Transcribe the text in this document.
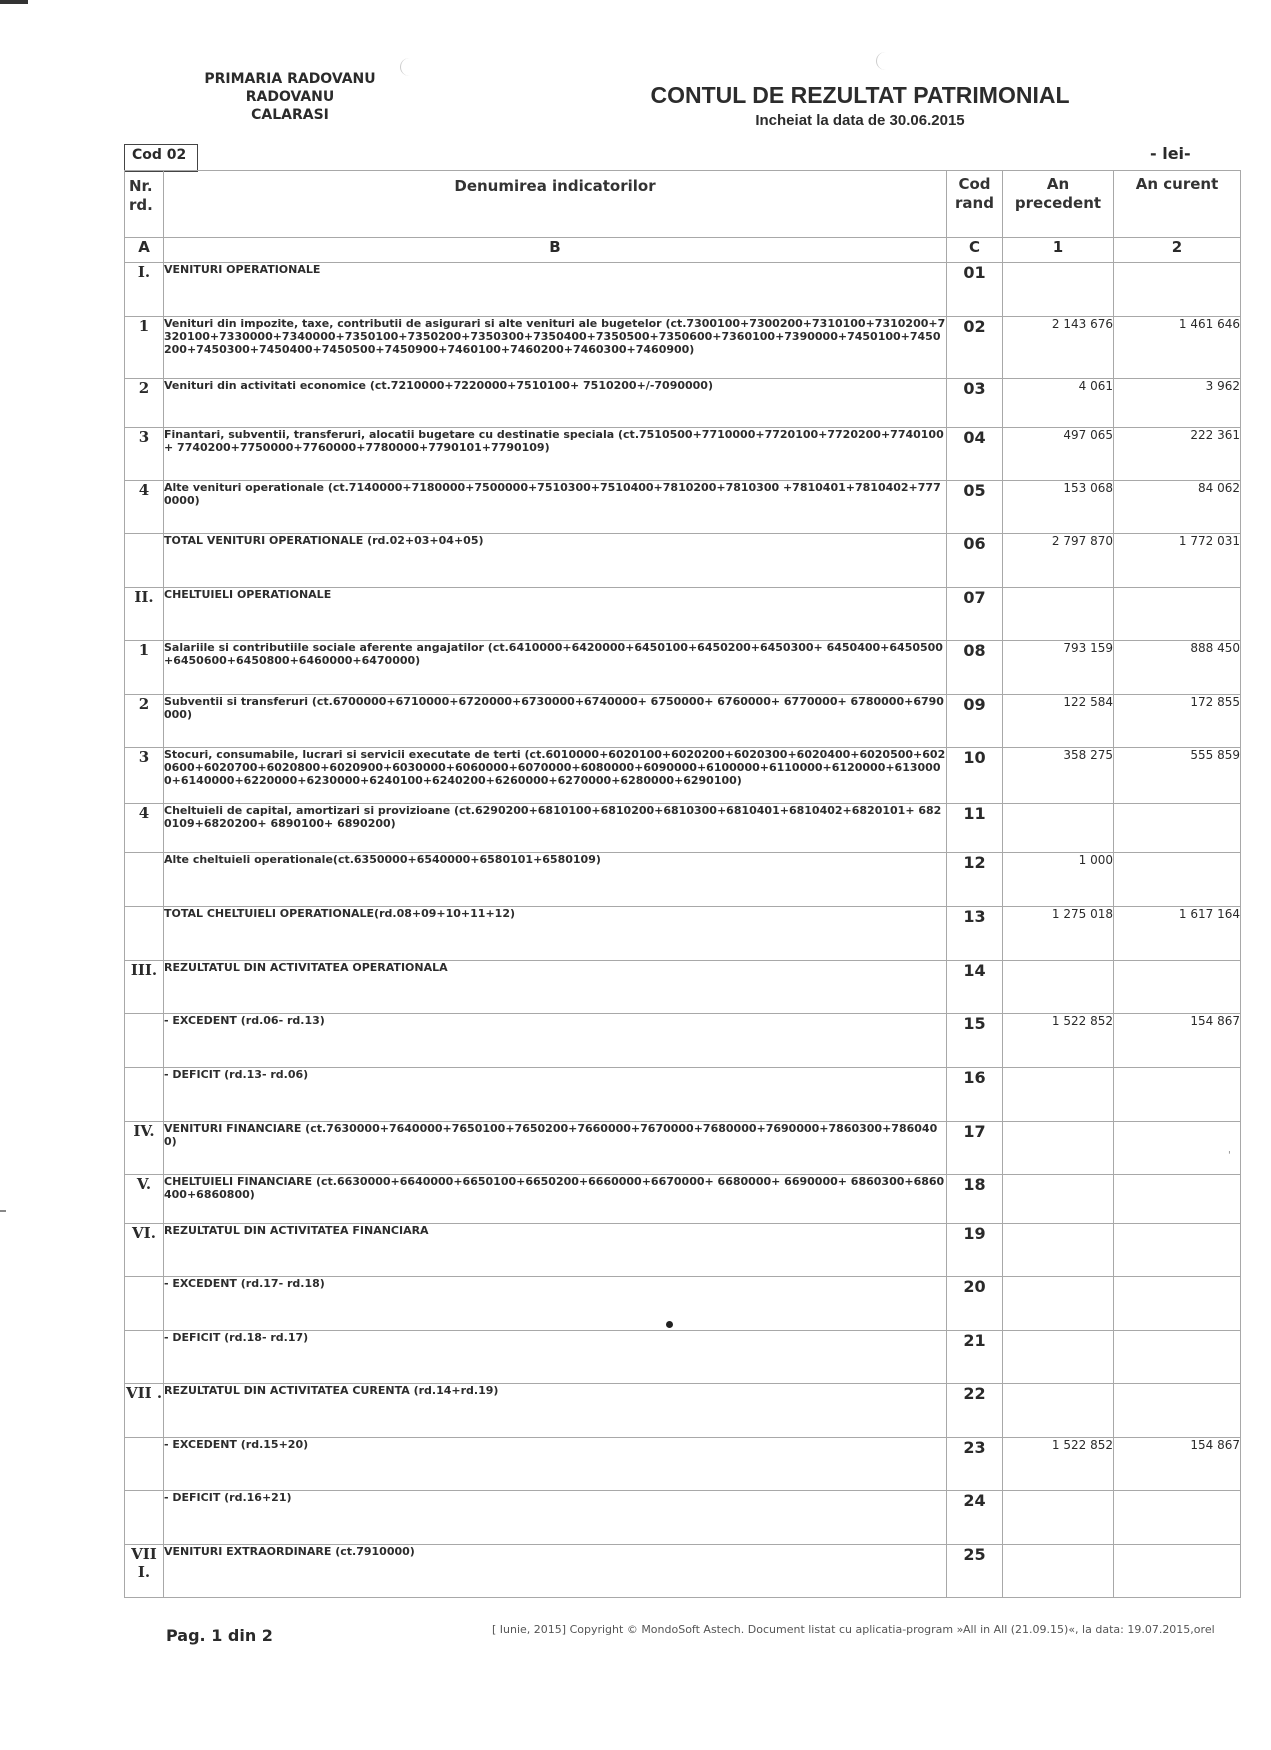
PRIMARIA RADOVANU
RADOVANU
CALARASI
CONTUL DE REZULTAT PATRIMONIAL
Incheiat la data de 30.06.2015
Cod 02	- lei-
Nr. rd.	Denumirea indicatorilor	Cod rand	An precedent	An curent
A	B	C	1	2
I.	VENITURI OPERATIONALE	01		
1	Venituri din impozite, taxe, contributii de asigurari si alte venituri ale bugetelor (ct.7300100+7300200+7310100+7310200+7320100+7330000+7340000+7350100+7350200+7350300+7350400+7350500+7350600+7360100+7390000+7450100+7450200+7450300+7450400+7450500+7450900+7460100+7460200+7460300+7460900)	02	2 143 676	1 461 646
2	Venituri din activitati economice (ct.7210000+7220000+7510100+ 7510200+/-7090000)	03	4 061	3 962
3	Finantari, subventii, transferuri, alocatii bugetare cu destinatie speciala (ct.7510500+7710000+7720100+7720200+7740100+ 7740200+7750000+7760000+7780000+7790101+7790109)	04	497 065	222 361
4	Alte venituri operationale (ct.7140000+7180000+7500000+7510300+7510400+7810200+7810300 +7810401+7810402+7770000)	05	153 068	84 062
	TOTAL VENITURI OPERATIONALE (rd.02+03+04+05)	06	2 797 870	1 772 031
II.	CHELTUIELI OPERATIONALE	07		
1	Salariile si contributiile sociale aferente angajatilor (ct.6410000+6420000+6450100+6450200+6450300+ 6450400+6450500+6450600+6450800+6460000+6470000)	08	793 159	888 450
2	Subventii si transferuri (ct.6700000+6710000+6720000+6730000+6740000+ 6750000+ 6760000+ 6770000+ 6780000+6790000)	09	122 584	172 855
3	Stocuri, consumabile, lucrari si servicii executate de terti (ct.6010000+6020100+6020200+6020300+6020400+6020500+6020600+6020700+6020800+6020900+6030000+6060000+6070000+6080000+6090000+6100000+6110000+6120000+6130000+6140000+6220000+6230000+6240100+6240200+6260000+6270000+6280000+6290100)	10	358 275	555 859
4	Cheltuieli de capital, amortizari si provizioane (ct.6290200+6810100+6810200+6810300+6810401+6810402+6820101+ 6820109+6820200+ 6890100+ 6890200)	11		
	Alte cheltuieli operationale(ct.6350000+6540000+6580101+6580109)	12	1 000	
	TOTAL CHELTUIELI OPERATIONALE(rd.08+09+10+11+12)	13	1 275 018	1 617 164
III.	REZULTATUL DIN ACTIVITATEA OPERATIONALA	14		
	- EXCEDENT (rd.06- rd.13)	15	1 522 852	154 867
	- DEFICIT (rd.13- rd.06)	16		
IV.	VENITURI FINANCIARE (ct.7630000+7640000+7650100+7650200+7660000+7670000+7680000+7690000+7860300+7860400)	17		
V.	CHELTUIELI FINANCIARE (ct.6630000+6640000+6650100+6650200+6660000+6670000+ 6680000+ 6690000+ 6860300+6860400+6860800)	18		
VI.	REZULTATUL DIN ACTIVITATEA FINANCIARA	19		
	- EXCEDENT (rd.17- rd.18)	20		
	- DEFICIT (rd.18- rd.17)	21		
VII .	REZULTATUL DIN ACTIVITATEA CURENTA (rd.14+rd.19)	22		
	- EXCEDENT (rd.15+20)	23	1 522 852	154 867
	- DEFICIT (rd.16+21)	24		
VII I.	VENITURI EXTRAORDINARE (ct.7910000)	25		
'
Pag. 1 din 2	[ Iunie, 2015] Copyright © MondoSoft Astech. Document listat cu aplicatia-program »All in All (21.09.15)«, la data: 19.07.2015,orel
